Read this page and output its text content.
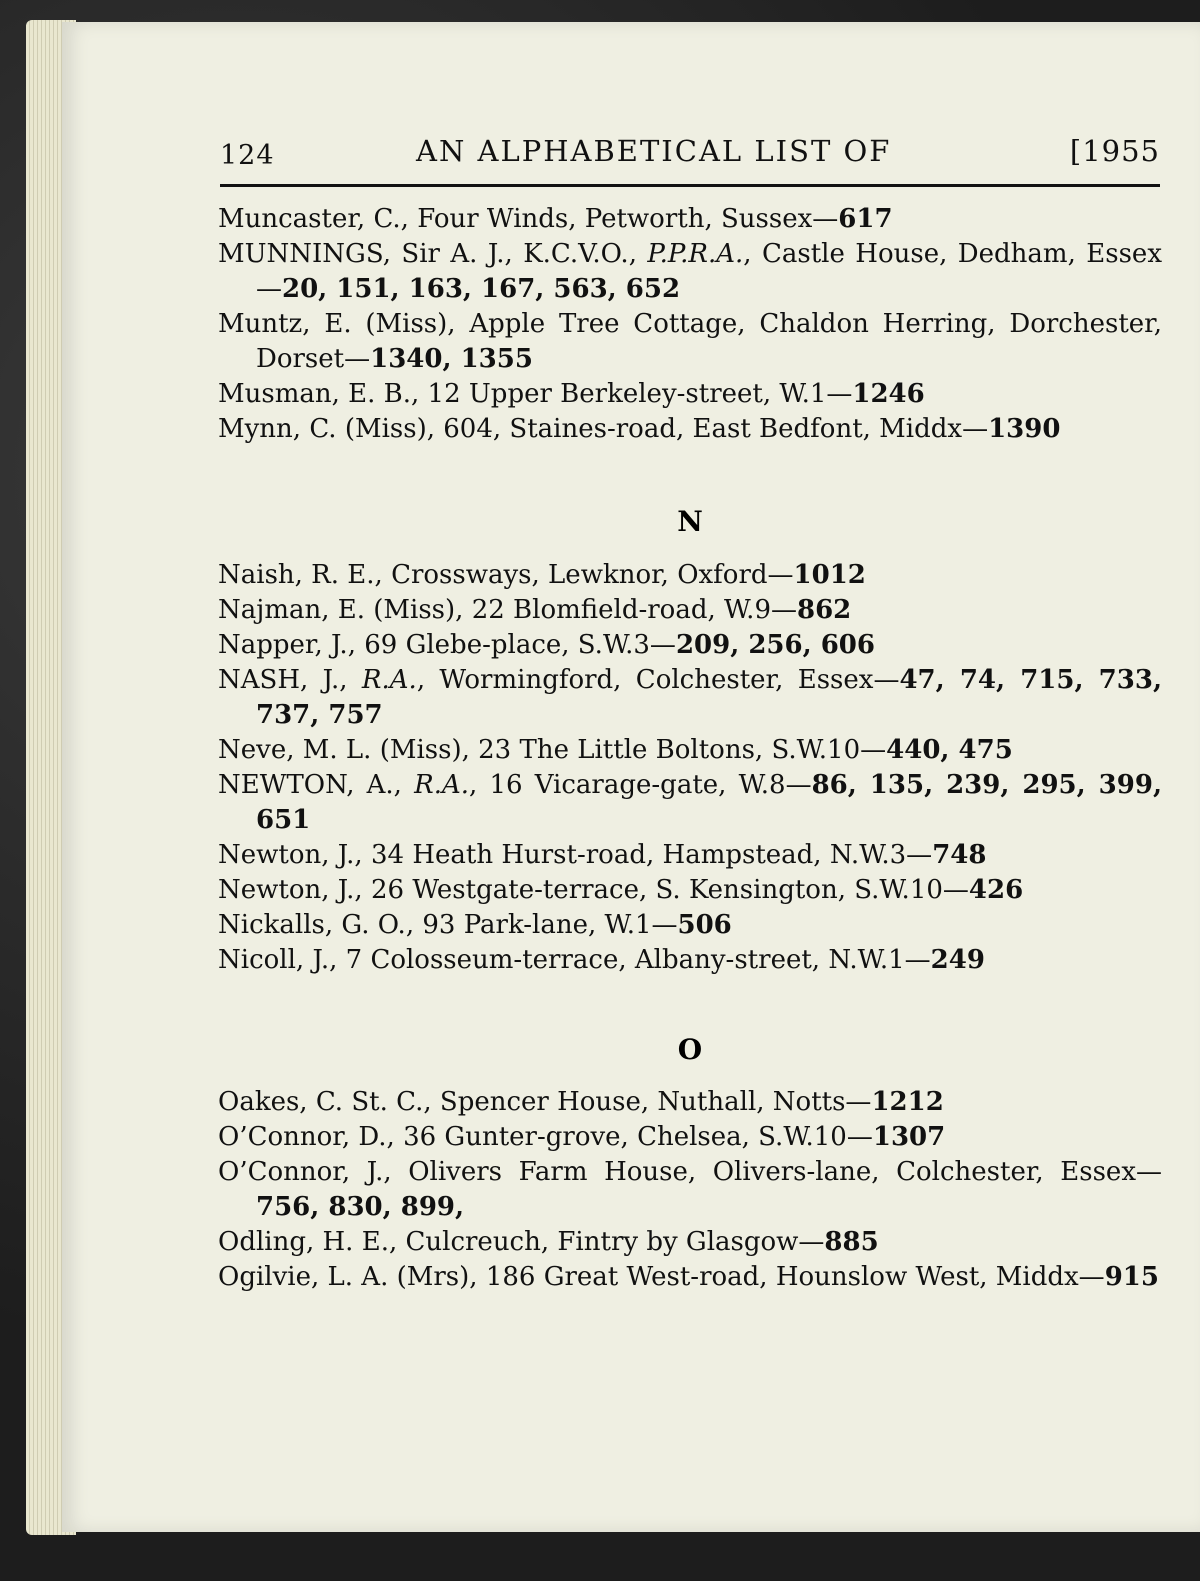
124	AN ALPHABETICAL LIST OF	[1955
Muncaster, C., Four Winds, Petworth, Sussex—617
MUNNINGS, Sir A. J., K.C.V.O., P.P.R.A., Castle House, Dedham, Essex—20, 151, 163, 167, 563, 652
Muntz, E. (Miss), Apple Tree Cottage, Chaldon Herring, Dorchester, Dorset—1340, 1355
Musman, E. B., 12 Upper Berkeley-street, W.1—1246
Mynn, C. (Miss), 604, Staines-road, East Bedfont, Middx—1390
N
Naish, R. E., Crossways, Lewknor, Oxford—1012
Najman, E. (Miss), 22 Blomfield-road, W.9—862
Napper, J., 69 Glebe-place, S.W.3—209, 256, 606
NASH, J., R.A., Wormingford, Colchester, Essex—47, 74, 715, 733, 737, 757
Neve, M. L. (Miss), 23 The Little Boltons, S.W.10—440, 475
NEWTON, A., R.A., 16 Vicarage-gate, W.8—86, 135, 239, 295, 399, 651
Newton, J., 34 Heath Hurst-road, Hampstead, N.W.3—748
Newton, J., 26 Westgate-terrace, S. Kensington, S.W.10—426
Nickalls, G. O., 93 Park-lane, W.1—506
Nicoll, J., 7 Colosseum-terrace, Albany-street, N.W.1—249
O
Oakes, C. St. C., Spencer House, Nuthall, Notts—1212
O’Connor, D., 36 Gunter-grove, Chelsea, S.W.10—1307
O’Connor, J., Olivers Farm House, Olivers-lane, Colchester, Essex—756, 830, 899,
Odling, H. E., Culcreuch, Fintry by Glasgow—885
Ogilvie, L. A. (Mrs), 186 Great West-road, Hounslow West, Middx—915
